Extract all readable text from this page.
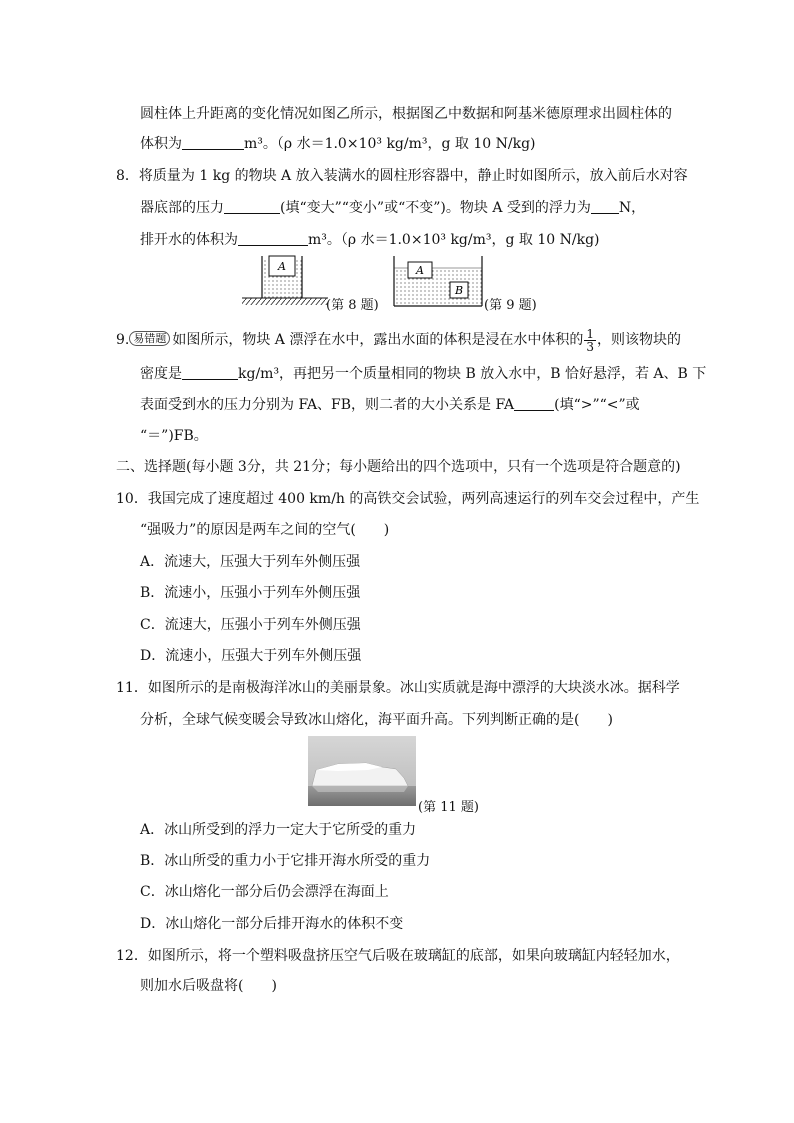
圆柱体上升距离的变化情况如图乙所示，根据图乙中数据和阿基米德原理求出圆柱体的
体积为	m³。（ρ 水＝1.0×10³ kg/m³，g 取 10 N/kg)
8．将质量为 1 kg 的物块 A 放入装满水的圆柱形容器中，静止时如图所示，放入前后水对容
器底部的压力	(填“变大”“变小”或“不变”)。物块 A 受到的浮力为 N，
排开水的体积为	m³。（ρ 水＝1.0×10³ kg/m³，g 取 10 N/kg)
A
(第 8 题)
A
B
(第 9 题)
9. 易错题 如图所示，物块 A 漂浮在水中，露出水面的体积是浸在水中体积的 $\frac{1}{3}$ ，则该物块的
密度是	kg/m³，再把另一个质量相同的物块 B 放入水中，B 恰好悬浮，若 A、B 下
表面受到水的压力分别为 FA、FB，则二者的大小关系是 FA	(填“>”“<”或
“＝”)FB。
二、选择题(每小题 3分，共 21分；每小题给出的四个选项中，只有一个选项是符合题意的)
10．我国完成了速度超过 400 km/h 的高铁交会试验，两列高速运行的列车交会过程中，产生
“强吸力”的原因是两车之间的空气(　　)
A．流速大，压强大于列车外侧压强
B．流速小，压强小于列车外侧压强
C．流速大，压强小于列车外侧压强
D．流速小，压强大于列车外侧压强
11．如图所示的是南极海洋冰山的美丽景象。冰山实质就是海中漂浮的大块淡水冰。据科学
分析，全球气候变暖会导致冰山熔化，海平面升高。下列判断正确的是(　　)
(第 11 题)
A．冰山所受到的浮力一定大于它所受的重力
B．冰山所受的重力小于它排开海水所受的重力
C．冰山熔化一部分后仍会漂浮在海面上
D．冰山熔化一部分后排开海水的体积不变
12．如图所示，将一个塑料吸盘挤压空气后吸在玻璃缸的底部，如果向玻璃缸内轻轻加水，
则加水后吸盘将(　　)
